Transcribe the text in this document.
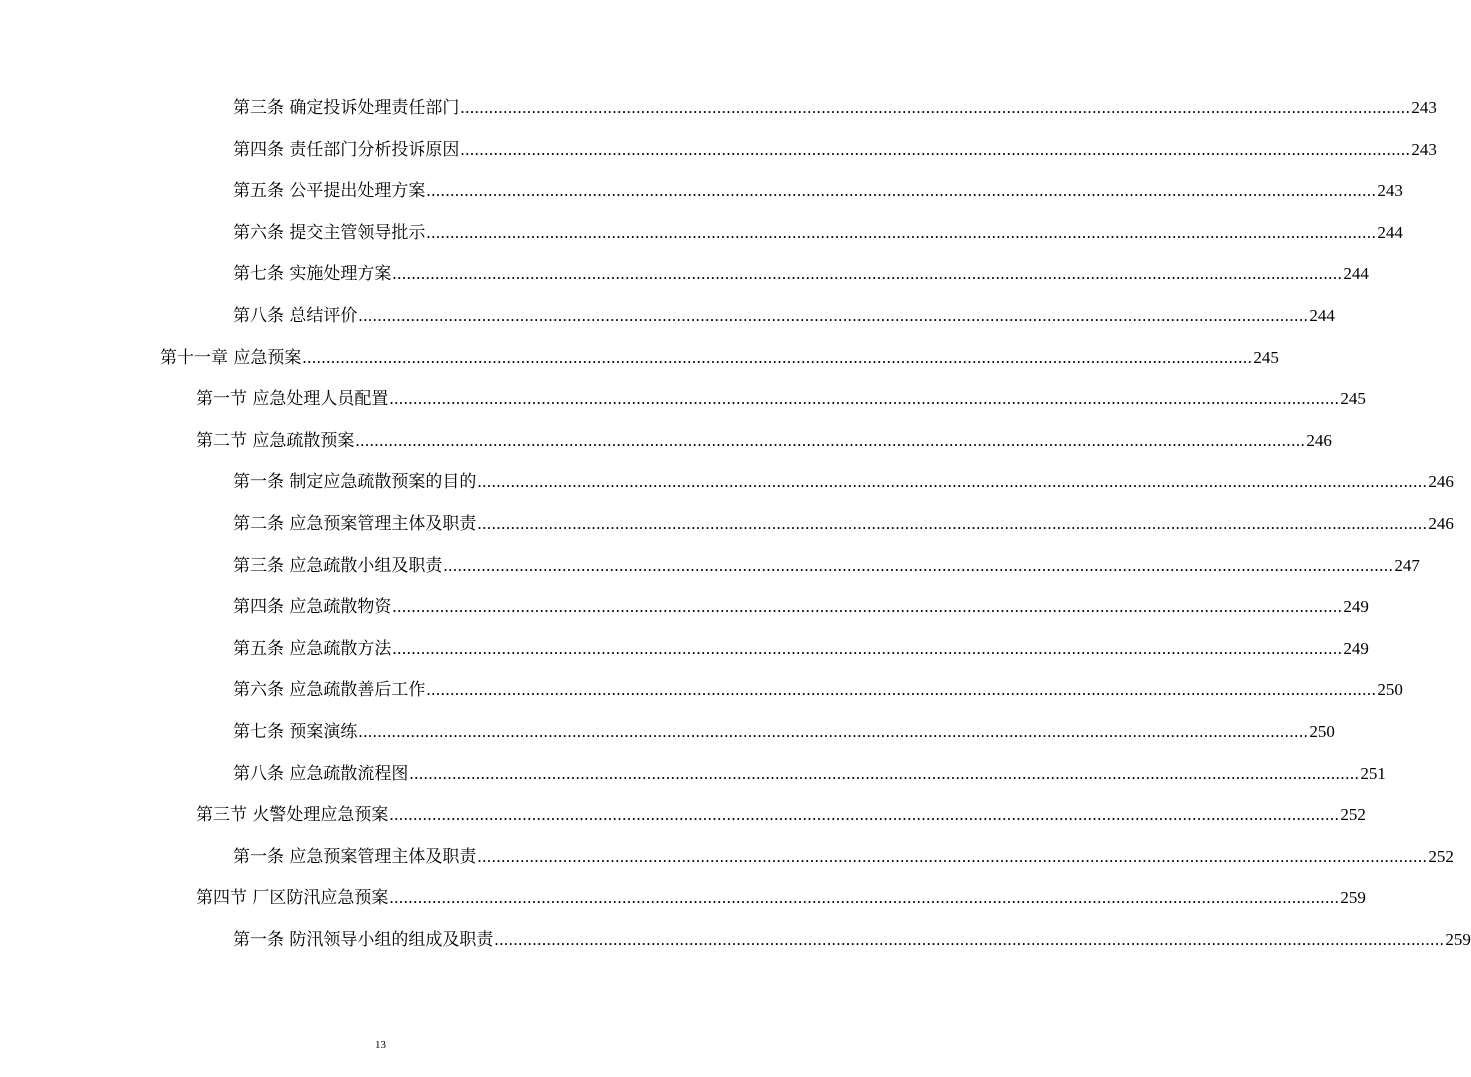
第三条 确定投诉处理责任部门 ........................................................................................................................................................................................................ 243
第四条 责任部门分析投诉原因 ........................................................................................................................................................................................................ 243
第五条 公平提出处理方案 ........................................................................................................................................................................................................ 243
第六条 提交主管领导批示 ........................................................................................................................................................................................................ 244
第七条 实施处理方案 ........................................................................................................................................................................................................ 244
第八条 总结评价 ........................................................................................................................................................................................................ 244
第十一章 应急预案 ........................................................................................................................................................................................................ 245
第一节 应急处理人员配置 ........................................................................................................................................................................................................ 245
第二节 应急疏散预案 ........................................................................................................................................................................................................ 246
第一条 制定应急疏散预案的目的 ........................................................................................................................................................................................................ 246
第二条 应急预案管理主体及职责 ........................................................................................................................................................................................................ 246
第三条 应急疏散小组及职责 ........................................................................................................................................................................................................ 247
第四条 应急疏散物资 ........................................................................................................................................................................................................ 249
第五条 应急疏散方法 ........................................................................................................................................................................................................ 249
第六条 应急疏散善后工作 ........................................................................................................................................................................................................ 250
第七条 预案演练 ........................................................................................................................................................................................................ 250
第八条 应急疏散流程图 ........................................................................................................................................................................................................ 251
第三节 火警处理应急预案 ........................................................................................................................................................................................................ 252
第一条 应急预案管理主体及职责 ........................................................................................................................................................................................................ 252
第四节 厂区防汛应急预案 ........................................................................................................................................................................................................ 259
第一条 防汛领导小组的组成及职责 ........................................................................................................................................................................................................ 259
13
